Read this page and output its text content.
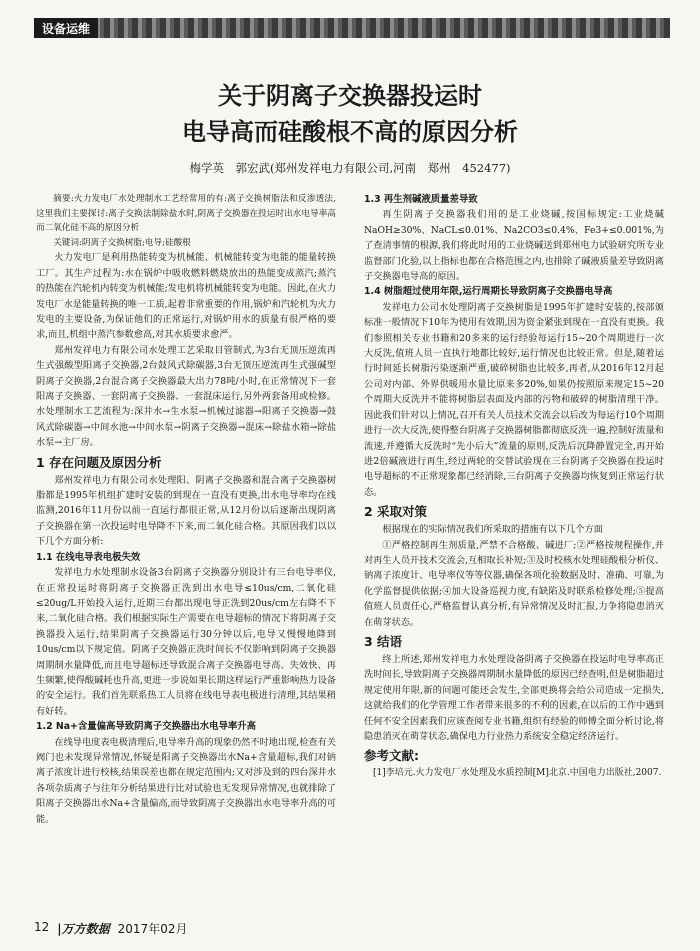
设备运维
关于阴离子交换器投运时
电导高而硅酸根不高的原因分析
梅学英　郭宏武(郑州发祥电力有限公司,河南　郑州　452477)

摘要:火力发电厂水处理制水工艺经常用的有:离子交换树脂法和反渗透法,这里我们主要探讨:离子交换法制除盐水时,阴离子交换器在投运时出水电导率高而二氧化硅不高的原因分析

关键词:阴离子交换树脂;电导;硅酸根

火力发电厂是利用热能转变为机械能、机械能转变为电能的能量转换工厂。其生产过程为:水在锅炉中吸收燃料燃烧放出的热能变成蒸汽;蒸汽的热能在汽轮机内转变为机械能;发电机将机械能转变为电能。因此,在火力发电厂水是能量转换的唯一工质,起着非常重要的作用,锅炉和汽轮机为火力发电的主要设备,为保证他们的正常运行,对锅炉用水的质量有很严格的要求,而且,机组中蒸汽参数愈高,对其水质要求愈严。

郑州发祥电力有限公司水处理工艺采取目管制式,为3台无顶压逆流再生式强酸型阳离子交换器,2台鼓风式除碳器,3台无顶压逆流再生式强碱型阴离子交换器,2台混合离子交换器最大出力78吨/小时,在正常情况下一套阳离子交换器、一套阴离子交换器、一套混床运行,另外两套备用或检修。水处理制水工艺流程为:深井水→生水泵→机械过滤器→阳离子交换器→鼓风式除碳器→中间水池→中间水泵→阴离子交换器→混床→除盐水箱→除盐水泵→主厂房。

1 存在问题及原因分析

郑州发祥电力有限公司水处理阳、阴离子交换器和混合离子交换器树脂都是1995年机组扩建时安装的到现在一直没有更换,出水电导率均在线监测,2016年11月份以前一直运行都很正常,从12月份以后逐渐出现阴离子交换器在第一次投运时电导降不下来,而二氧化硅合格。其原因我们以以下几个方面分析:

1.1 在线电导表电极失效

发祥电力水处理制水设备3台阴离子交换器分别设计有三台电导率仪,在正常投运时将阴离子交换器正洗到出水电导≤10us/cm,二氧化硅≤20ug/L开始投入运行,近期三台都出现电导正洗到20us/cm左右降不下来,二氧化硅合格。我们根据实际生产需要在电导超标的情况下将阴离子交换器投入运行,结果阴离子交换器运行30分钟以后,电导又慢慢地降到10us/cm以下规定值。阴离子交换器正洗时间长不仅影响到阴离子交换器周期制水量降低,而且电导超标还导致混合离子交换器电导高、失效快、再生频繁,使得酸碱耗也升高,更进一步说如果长期这样运行严重影响热力设备的安全运行。我们首先联系热工人员将在线电导表电极进行清理,其结果稍有好转。

1.2 Na+含量偏高导致阴离子交换器出水电导率升高

在线导电度表电极清理后,电导率升高的现象仍然不时地出现,检查有关阀门也未发现异常情况,怀疑是阳离子交换器出水Na+含量超标,我们对钠离子浓度计进行校核,结果误差也都在规定范围内;又对涉及到的四台深井水各项杂质离子与往年分析结果进行比对试验也无发现异常情况,也就排除了阳离子交换器出水Na+含量偏高,而导致阴离子交换器出水电导率升高的可能。

1.3 再生剂碱液质量差导致

再生阴离子交换器我们用的是工业烧碱,按国标规定:工业烧碱NaOH≥30%、NaCL≤0.01%、Na2CO3≤0.4%、Fe3+≤0.001%,为了查清事情的根源,我们将此时用的工业烧碱送到郑州电力试验研究所专业监督部门化验,以上指标也都在合格范围之内,也排除了碱液质量差导致阴离子交换器电导高的原因。

1.4 树脂超过使用年限,运行周期长导致阴离子交换器电导高

发祥电力公司水处理阴离子交换树脂是1995年扩建时安装的,按部颁标准一般情况下10年为使用有效期,因为资金紧张到现在一直没有更换。我们参照相关专业书籍和20多来的运行经验每运行15~20个周期进行一次大反洗,值班人员一直执行地都比较好,运行情况也比较正常。但是,随着运行时间延长树脂污染逐渐严重,破碎树脂也比较多,再者,从2016年12月起公司对内部、外界供暖用水量比原来多20%,如果仍按照原来规定15~20个周期大反洗并不能将树脂层表面及内部的污物和破碎的树脂清理干净。因此我们针对以上情况,召开有关人员技术交流会以后改为每运行10个周期进行一次大反洗,使得整台阴离子交换器树脂都彻底反洗一遍,控制好流量和流速,并遵循大反洗时“先小后大”流量的原则,反洗后沉降静置完全,再开始进2倍碱液进行再生,经过两轮的交替试验现在三台阴离子交换器在投运时电导超标的不正常现象都已经消除,三台阴离子交换器均恢复到正常运行状态。

2 采取对策

根据现在的实际情况我们所采取的措施有以下几个方面

①严格控制再生剂质量,严禁不合格酸、碱进厂;②严格按规程操作,并对再生人员开技术交流会,互相取长补短;③及时校核水处理硅酸根分析仪、钠离子浓度计、电导率仪等等仪器,确保各项化验数据及时、准确、可靠,为化学监督提供依据;④加大设备巡视力度,有缺陷及时联系检修处理;⑤提高值班人员责任心,严格监督认真分析,有异常情况及时汇报,力争将隐患消灭在萌芽状态。

3 结语

终上所述,郑州发祥电力水处理设备阴离子交换器在投运时电导率高正洗时间长,导致阴离子交换器周期制水量降低的原因已经查明,但是树脂超过规定使用年限,新的问题可能还会发生,全部更换将会给公司造成一定损失,这就给我们的化学管理工作者带来很多的不利的因素,在以后的工作中遇到任何不安全因素我们应该查阅专业书籍,组织有经验的师傅全面分析讨论,将隐患消灭在萌芽状态,确保电力行业热力系统安全稳定经济运行。

参考文献:

[1]李培元.火力发电厂水处理及水质控制[M]北京.中国电力出版社,2007.

12 |万方数据 2017年02月
